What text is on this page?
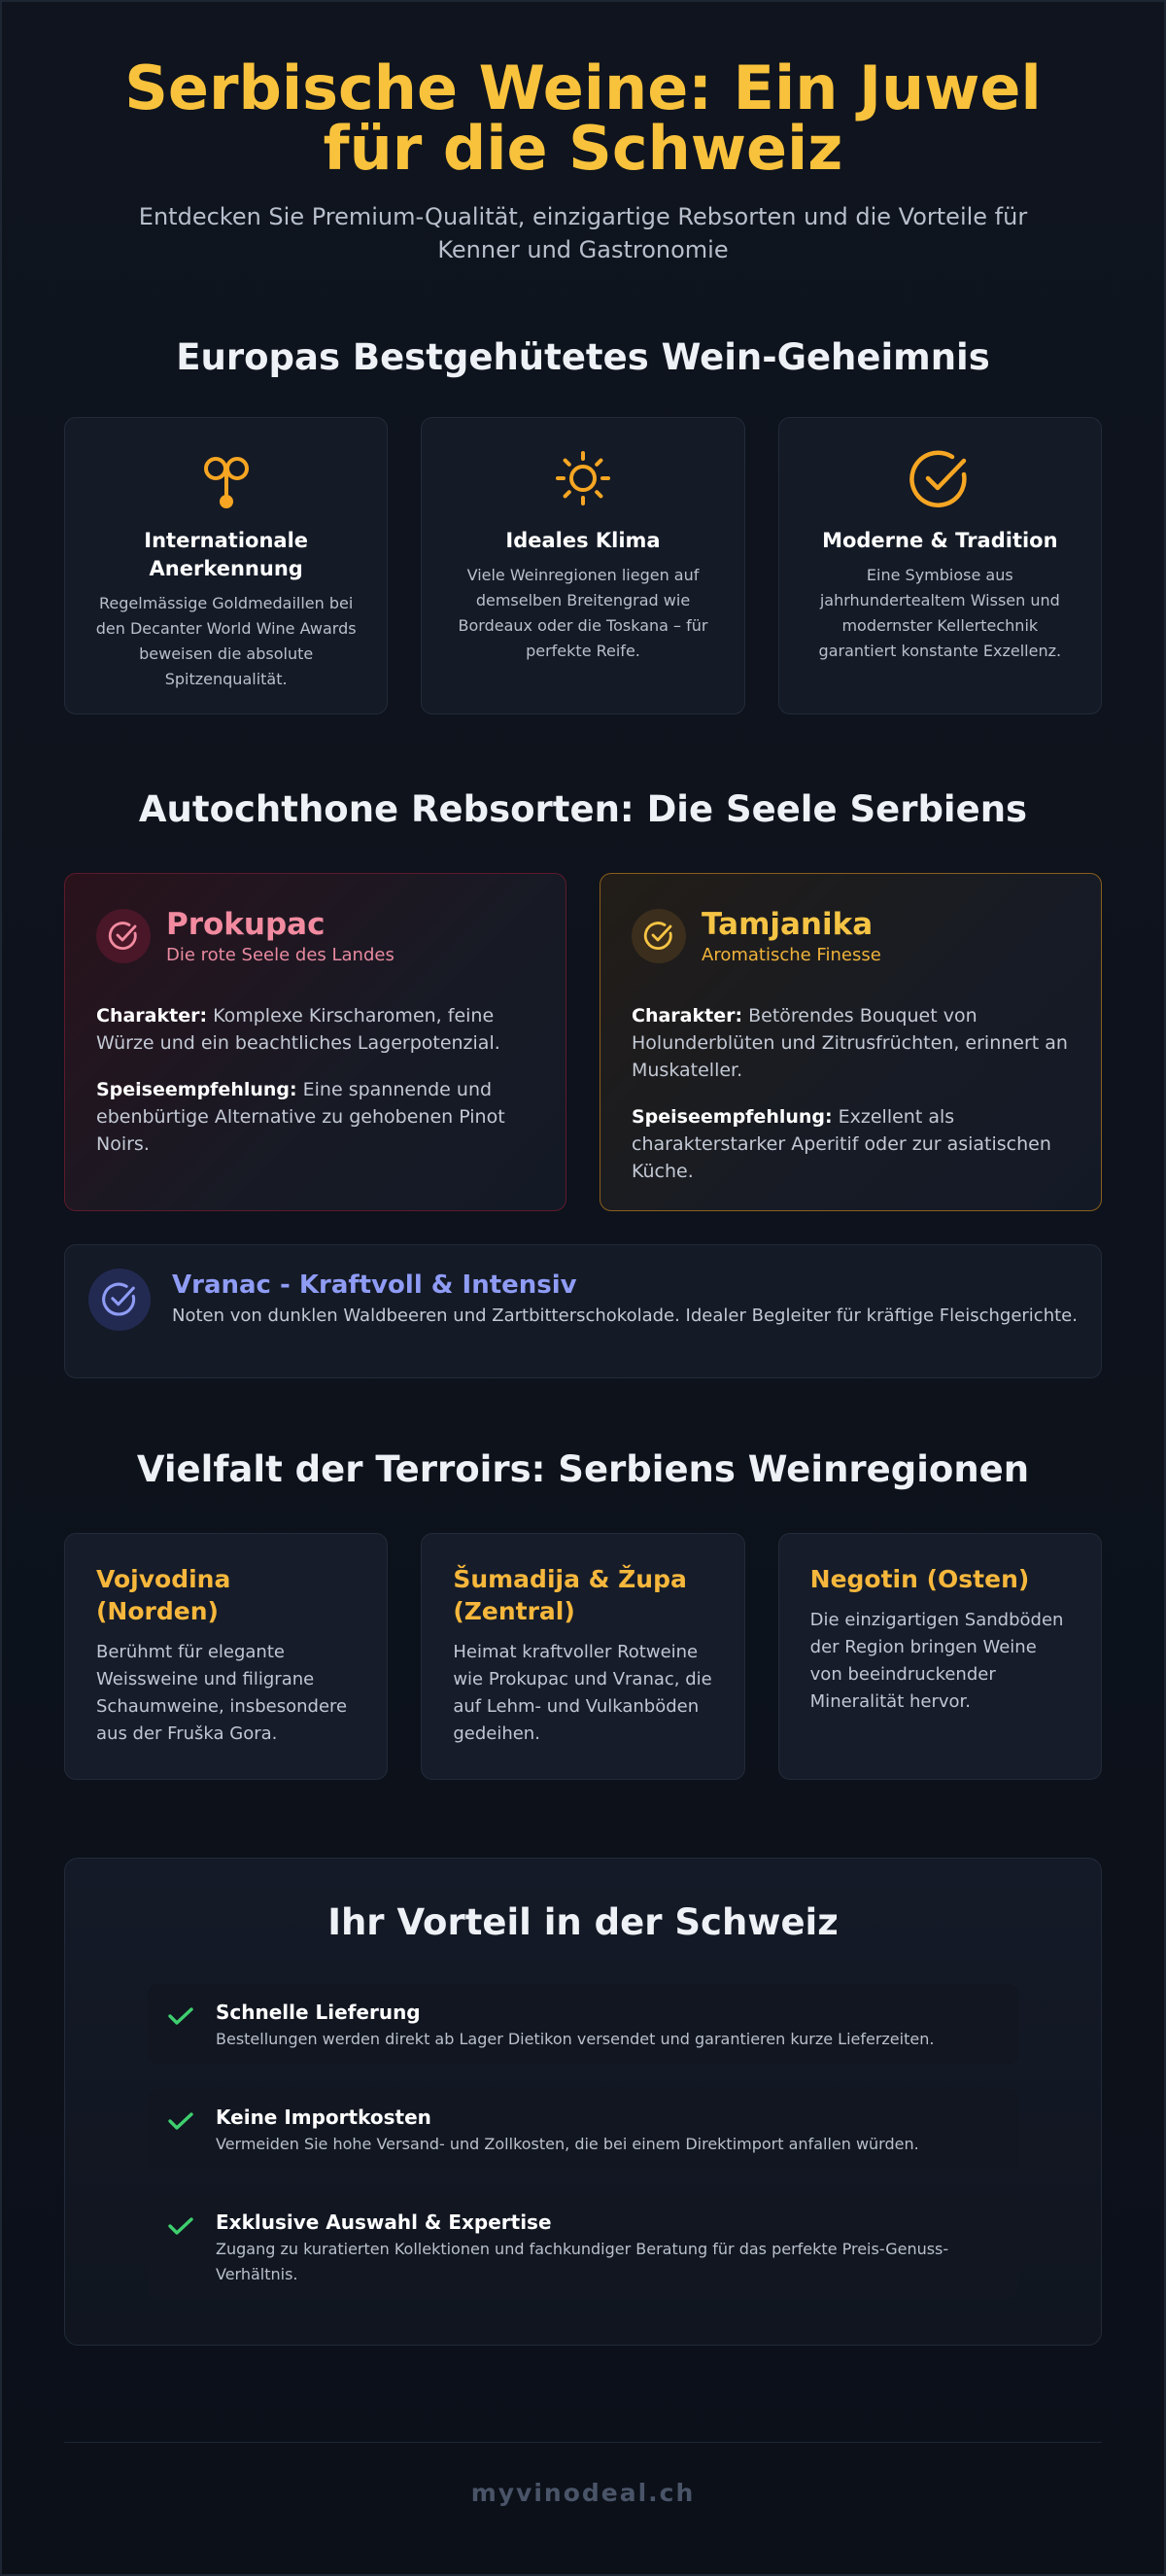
Serbische Weine: Ein Juwel für die Schweiz

Entdecken Sie Premium-Qualität, einzigartige Rebsorten und die Vorteile für Kenner und Gastronomie

Europas Bestgehütetes Wein-Geheimnis
Internationale Anerkennung

Regelmässige Goldmedaillen bei den Decanter World Wine Awards beweisen die absolute Spitzenqualität.

Ideales Klima

Viele Weinregionen liegen auf demselben Breitengrad wie Bordeaux oder die Toskana – für perfekte Reife.

Moderne & Tradition

Eine Symbiose aus jahrhundertealtem Wissen und modernster Kellertechnik garantiert konstante Exzellenz.

Autochthone Rebsorten: Die Seele Serbiens
Prokupac
Die rote Seele des Landes

Charakter: Komplexe Kirscharomen, feine Würze und ein beachtliches Lagerpotenzial.

Speiseempfehlung: Eine spannende und ebenbürtige Alternative zu gehobenen Pinot Noirs.

Tamjanika
Aromatische Finesse

Charakter: Betörendes Bouquet von Holunderblüten und Zitrusfrüchten, erinnert an Muskateller.

Speiseempfehlung: Exzellent als charakterstarker Aperitif oder zur asiatischen Küche.

Vranac - Kraftvoll & Intensiv

Noten von dunklen Waldbeeren und Zartbitterschokolade. Idealer Begleiter für kräftige Fleischgerichte.

Vielfalt der Terroirs: Serbiens Weinregionen
Vojvodina (Norden)

Berühmt für elegante Weissweine und filigrane Schaumweine, insbesondere aus der Fruška Gora.

Šumadija & Župa (Zentral)

Heimat kraftvoller Rotweine wie Prokupac und Vranac, die auf Lehm- und Vulkanböden gedeihen.

Negotin (Osten)

Die einzigartigen Sandböden der Region bringen Weine von beeindruckender Mineralität hervor.

Ihr Vorteil in der Schweiz
Schnelle Lieferung

Bestellungen werden direkt ab Lager Dietikon versendet und garantieren kurze Lieferzeiten.

Keine Importkosten

Vermeiden Sie hohe Versand- und Zollkosten, die bei einem Direktimport anfallen würden.

Exklusive Auswahl & Expertise

Zugang zu kuratierten Kollektionen und fachkundiger Beratung für das perfekte Preis-Genuss-Verhältnis.

myvinodeal.ch
